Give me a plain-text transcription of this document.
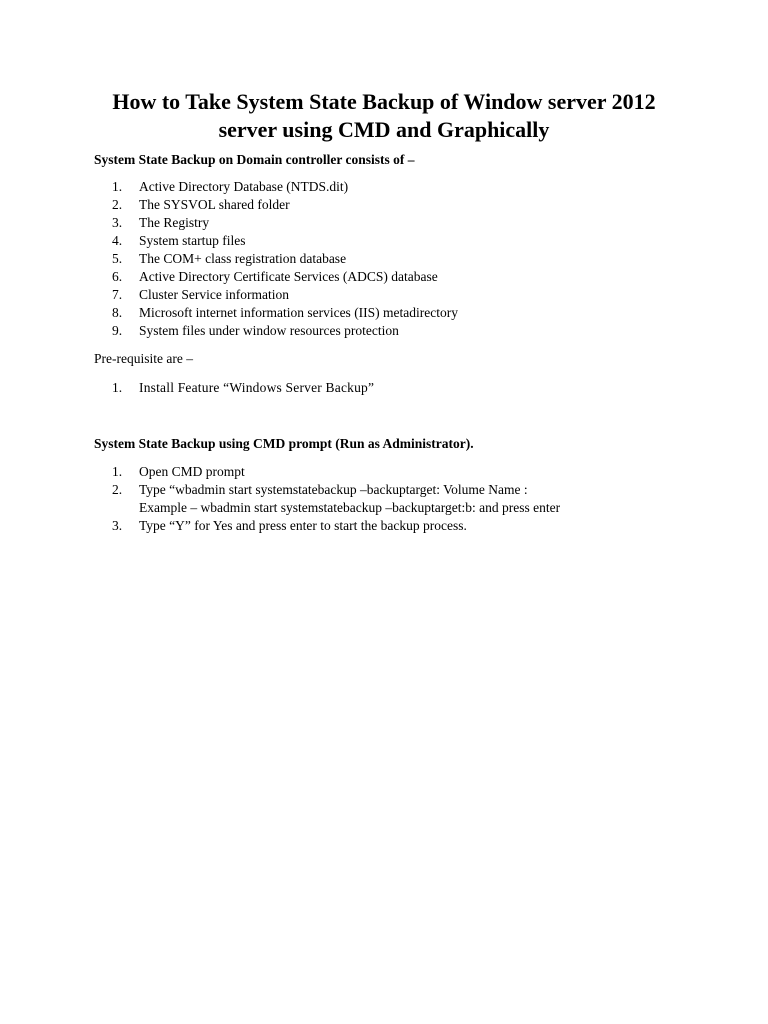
How to Take System State Backup of Window server 2012
server using CMD and Graphically

System State Backup on Domain controller consists of –

1.	Active Directory Database (NTDS.dit)
2.	The SYSVOL shared folder
3.	The Registry
4.	System startup files
5.	The COM+ class registration database
6.	Active Directory Certificate Services (ADCS) database
7.	Cluster Service information
8.	Microsoft internet information services (IIS) metadirectory
9.	System files under window resources protection

Pre-requisite are –

1.	Install Feature “Windows Server Backup”

System State Backup using CMD prompt (Run as Administrator).

1.	Open CMD prompt
2.	Type “wbadmin start systemstatebackup –backuptarget: Volume Name :
Example – wbadmin start systemstatebackup –backuptarget:b: and press enter
3.	Type “Y” for Yes and press enter to start the backup process.
